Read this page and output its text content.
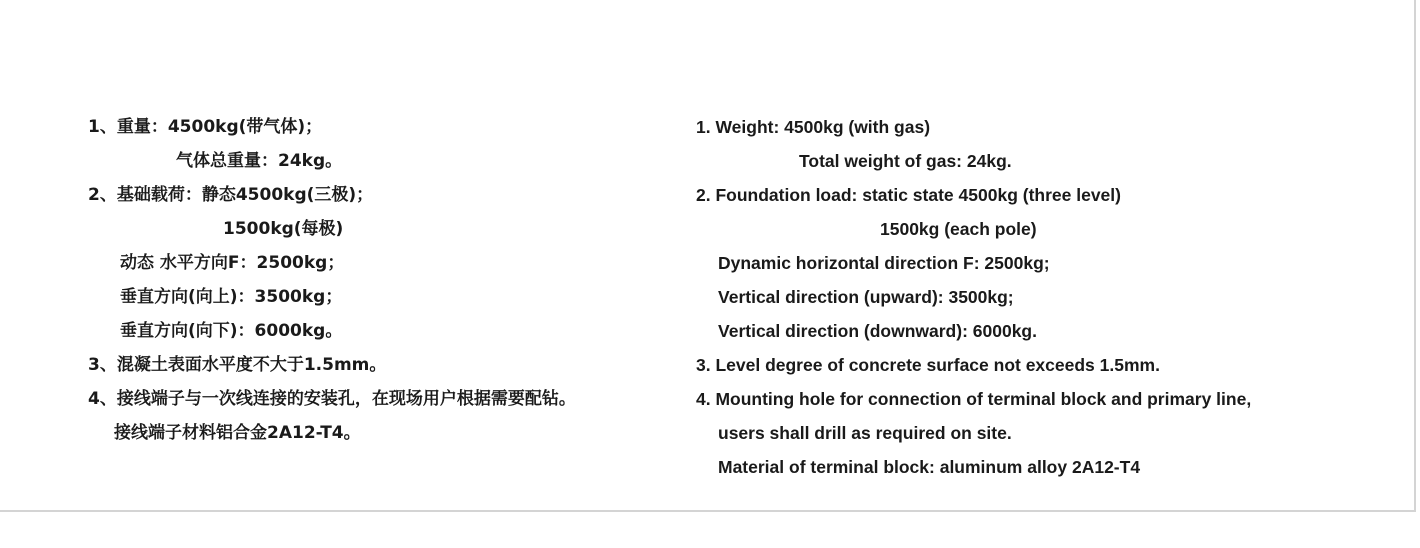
1、重量：4500kg(带气体)；
气体总重量：24kg。
2、基础载荷：静态4500kg(三极)；
1500kg(每极)
动态 水平方向F：2500kg；
垂直方向(向上)：3500kg；
垂直方向(向下)：6000kg。
3、混凝土表面水平度不大于1.5mm。
4、接线端子与一次线连接的安装孔，在现场用户根据需要配钻。
接线端子材料铝合金2A12-T4。
1. Weight: 4500kg (with gas)
Total weight of gas: 24kg.
2. Foundation load: static state 4500kg (three level)
1500kg (each pole)
Dynamic horizontal direction F: 2500kg;
Vertical direction (upward): 3500kg;
Vertical direction (downward): 6000kg.
3. Level degree of concrete surface not exceeds 1.5mm.
4. Mounting hole for connection of terminal block and primary line,
users shall drill as required on site.
Material of terminal block: aluminum alloy 2A12-T4
